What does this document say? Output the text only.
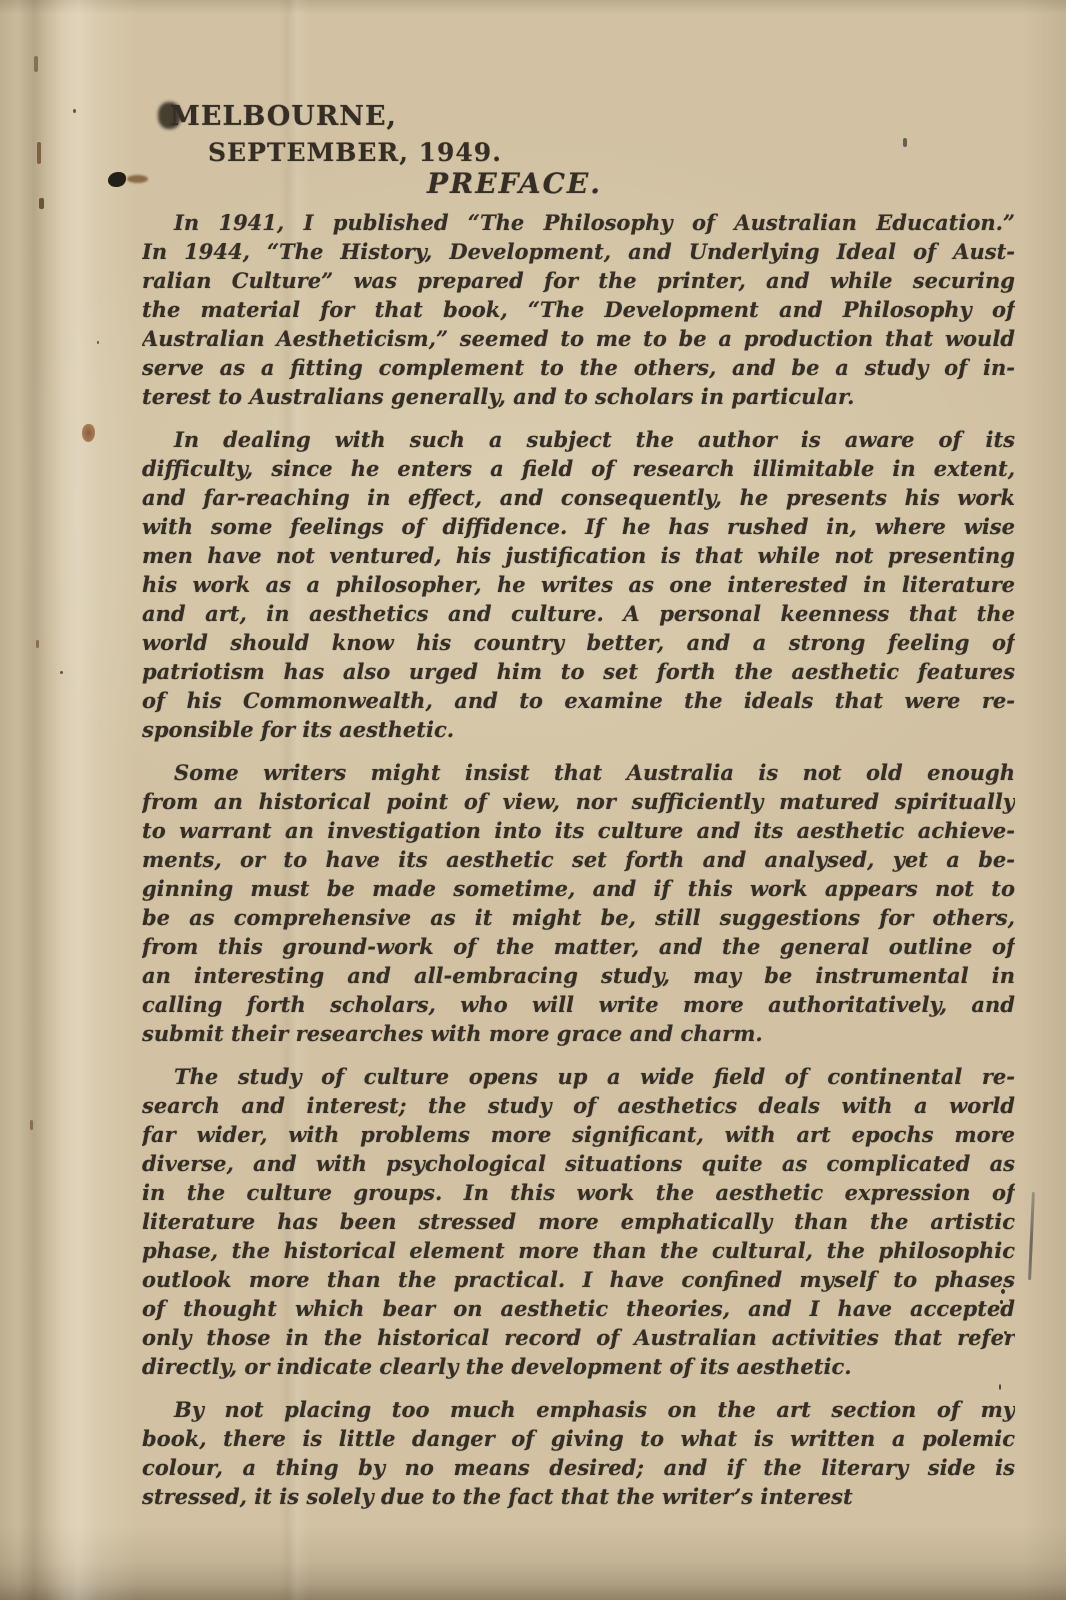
MELBOURNE,
SEPTEMBER, 1949.
PREFACE.
In 1941, I published “The Philosophy of Australian Education.”
In 1944, “The History, Development, and Underlying Ideal of Aust-
ralian Culture” was prepared for the printer, and while securing
the material for that book, “The Development and Philosophy of
Australian Aestheticism,” seemed to me to be a production that would
serve as a fitting complement to the others, and be a study of in-
terest to Australians generally, and to scholars in particular.
In dealing with such a subject the author is aware of its
difficulty, since he enters a field of research illimitable in extent,
and far-reaching in effect, and consequently, he presents his work
with some feelings of diffidence. If he has rushed in, where wise
men have not ventured, his justification is that while not presenting
his work as a philosopher, he writes as one interested in literature
and art, in aesthetics and culture. A personal keenness that the
world should know his country better, and a strong feeling of
patriotism has also urged him to set forth the aesthetic features
of his Commonwealth, and to examine the ideals that were re-
sponsible for its aesthetic.
Some writers might insist that Australia is not old enough
from an historical point of view, nor sufficiently matured spiritually
to warrant an investigation into its culture and its aesthetic achieve-
ments, or to have its aesthetic set forth and analysed, yet a be-
ginning must be made sometime, and if this work appears not to
be as comprehensive as it might be, still suggestions for others,
from this ground-work of the matter, and the general outline of
an interesting and all-embracing study, may be instrumental in
calling forth scholars, who will write more authoritatively, and
submit their researches with more grace and charm.
The study of culture opens up a wide field of continental re-
search and interest; the study of aesthetics deals with a world
far wider, with problems more significant, with art epochs more
diverse, and with psychological situations quite as complicated as
in the culture groups. In this work the aesthetic expression of
literature has been stressed more emphatically than the artistic
phase, the historical element more than the cultural, the philosophic
outlook more than the practical. I have confined myself to phases
of thought which bear on aesthetic theories, and I have accepted
only those in the historical record of Australian activities that refer
directly, or indicate clearly the development of its aesthetic.
By not placing too much emphasis on the art section of my
book, there is little danger of giving to what is written a polemic
colour, a thing by no means desired; and if the literary side is
stressed, it is solely due to the fact that the writer’s interest
